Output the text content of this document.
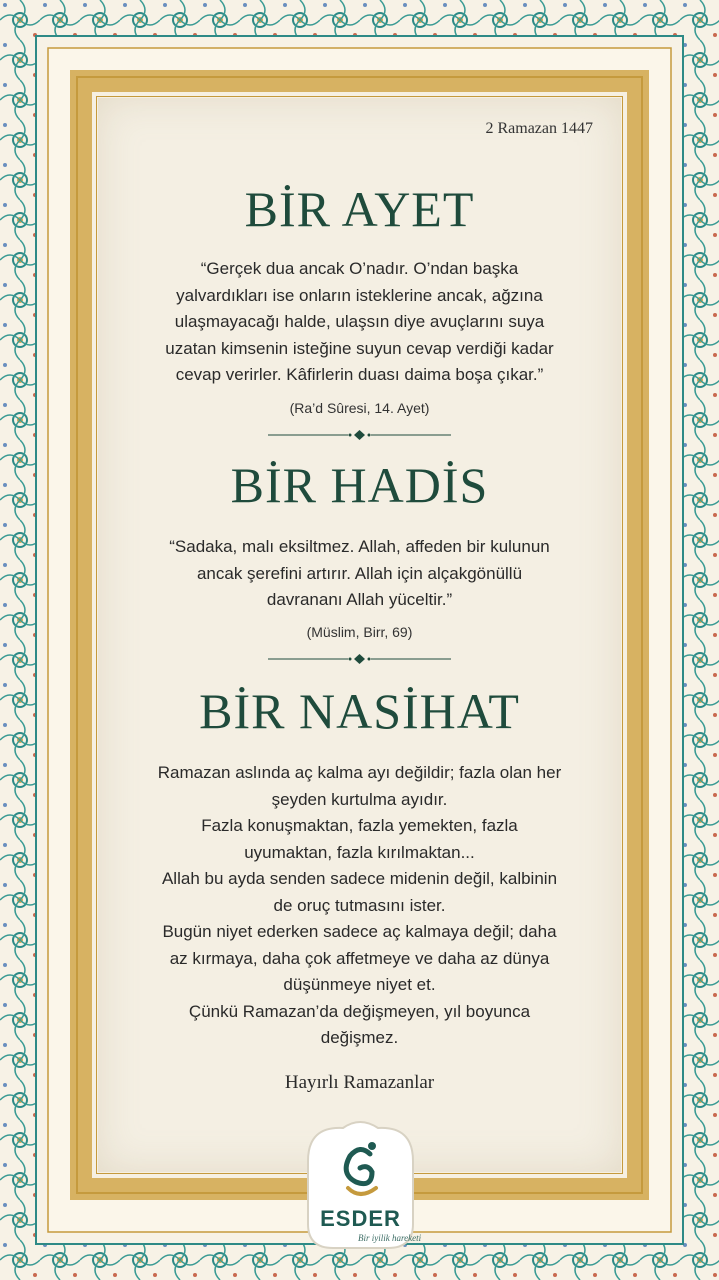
2 Ramazan 1447
BİR AYET
“Gerçek dua ancak O’nadır. O’ndan başka
yalvardıkları ise onların isteklerine ancak, ağzına
ulaşmayacağı halde, ulaşsın diye avuçlarını suya
uzatan kimsenin isteğine suyun cevap verdiği kadar
cevap verirler. Kâfirlerin duası daima boşa çıkar.”
(Ra’d Sûresi, 14. Ayet)
BİR HADİS
“Sadaka, malı eksiltmez. Allah, affeden bir kulunun
ancak şerefini artırır. Allah için alçakgönüllü
davrananı Allah yüceltir.”
(Müslim, Birr, 69)
BİR NASİHAT
Ramazan aslında aç kalma ayı değildir; fazla olan her
şeyden kurtulma ayıdır.
Fazla konuşmaktan, fazla yemekten, fazla
uyumaktan, fazla kırılmaktan...
Allah bu ayda senden sadece midenin değil, kalbinin
de oruç tutmasını ister.
Bugün niyet ederken sadece aç kalmaya değil; daha
az kırmaya, daha çok affetmeye ve daha az dünya
düşünmeye niyet et.
Çünkü Ramazan’da değişmeyen, yıl boyunca
değişmez.
Hayırlı Ramazanlar
ESDER
Bir iyilik hareketi
